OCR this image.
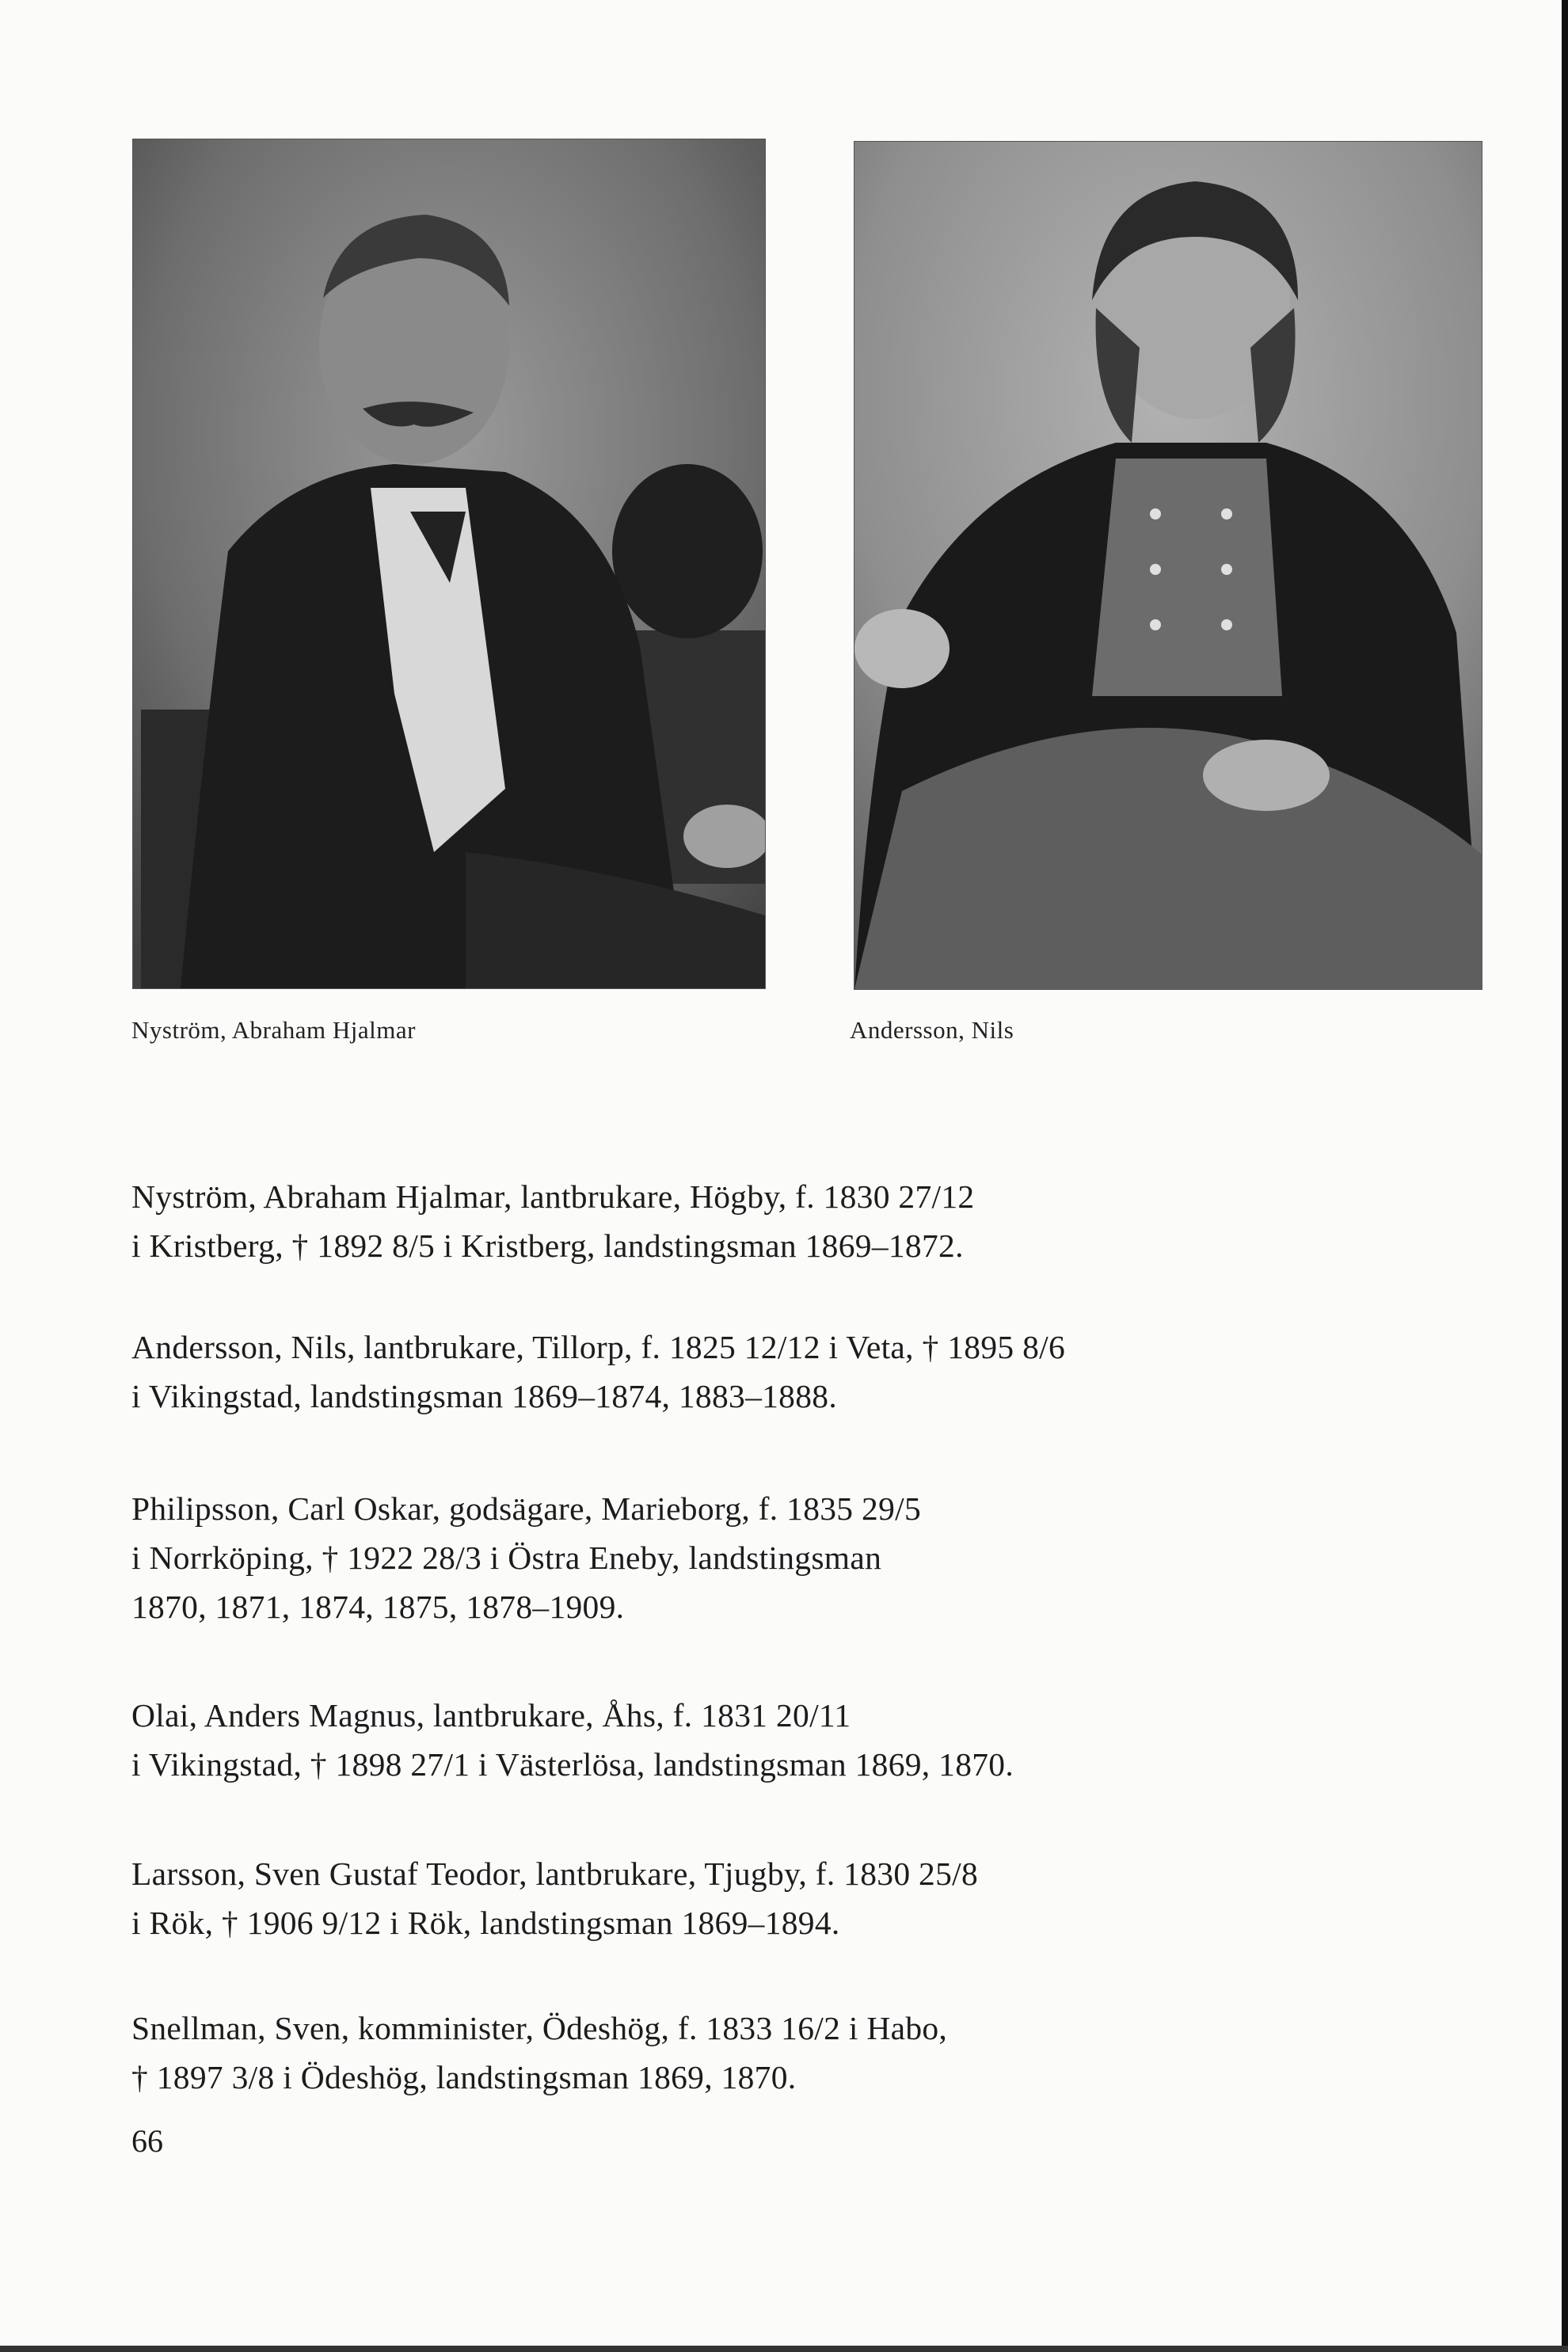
Nyström, Abraham Hjalmar	Andersson, Nils
Nyström, Abraham Hjalmar, lantbrukare, Högby, f. 1830 27/12
i Kristberg, † 1892 8/5 i Kristberg, landstingsman 1869–1872.
Andersson, Nils, lantbrukare, Tillorp, f. 1825 12/12 i Veta, † 1895 8/6
i Vikingstad, landstingsman 1869–1874, 1883–1888.
Philipsson, Carl Oskar, godsägare, Marieborg, f. 1835 29/5
i Norrköping, † 1922 28/3 i Östra Eneby, landstingsman
1870, 1871, 1874, 1875, 1878–1909.
Olai, Anders Magnus, lantbrukare, Åhs, f. 1831 20/11
i Vikingstad, † 1898 27/1 i Västerlösa, landstingsman 1869, 1870.
Larsson, Sven Gustaf Teodor, lantbrukare, Tjugby, f. 1830 25/8
i Rök, † 1906 9/12 i Rök, landstingsman 1869–1894.
Snellman, Sven, komminister, Ödeshög, f. 1833 16/2 i Habo,
† 1897 3/8 i Ödeshög, landstingsman 1869, 1870.
66
